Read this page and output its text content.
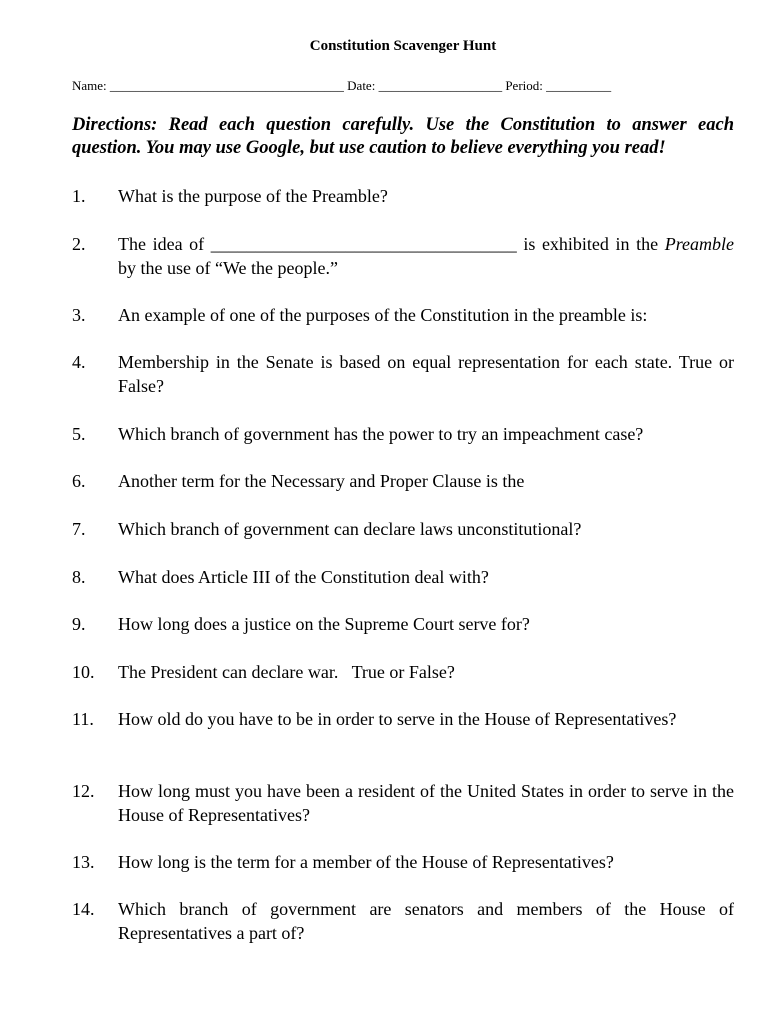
Constitution Scavenger Hunt
Name: ____________________________________ Date: ___________________ Period: __________
Directions: Read each question carefully. Use the Constitution to answer each question. You may use Google, but use caution to believe everything you read!
1.	What is the purpose of the Preamble?
2.	The idea of __________________________________ is exhibited in the Preamble by the use of “We the people.”
3.	An example of one of the purposes of the Constitution in the preamble is:
4.	Membership in the Senate is based on equal representation for each state. True or False?
5.	Which branch of government has the power to try an impeachment case?
6.	Another term for the Necessary and Proper Clause is the
7.	Which branch of government can declare laws unconstitutional?
8.	What does Article III of the Constitution deal with?
9.	How long does a justice on the Supreme Court serve for?
10.	The President can declare war.   True or False?
11.	How old do you have to be in order to serve in the House of Representatives?
12.	How long must you have been a resident of the United States in order to serve in the House of Representatives?
13.	How long is the term for a member of the House of Representatives?
14.	Which branch of government are senators and members of the House of Representatives a part of?
